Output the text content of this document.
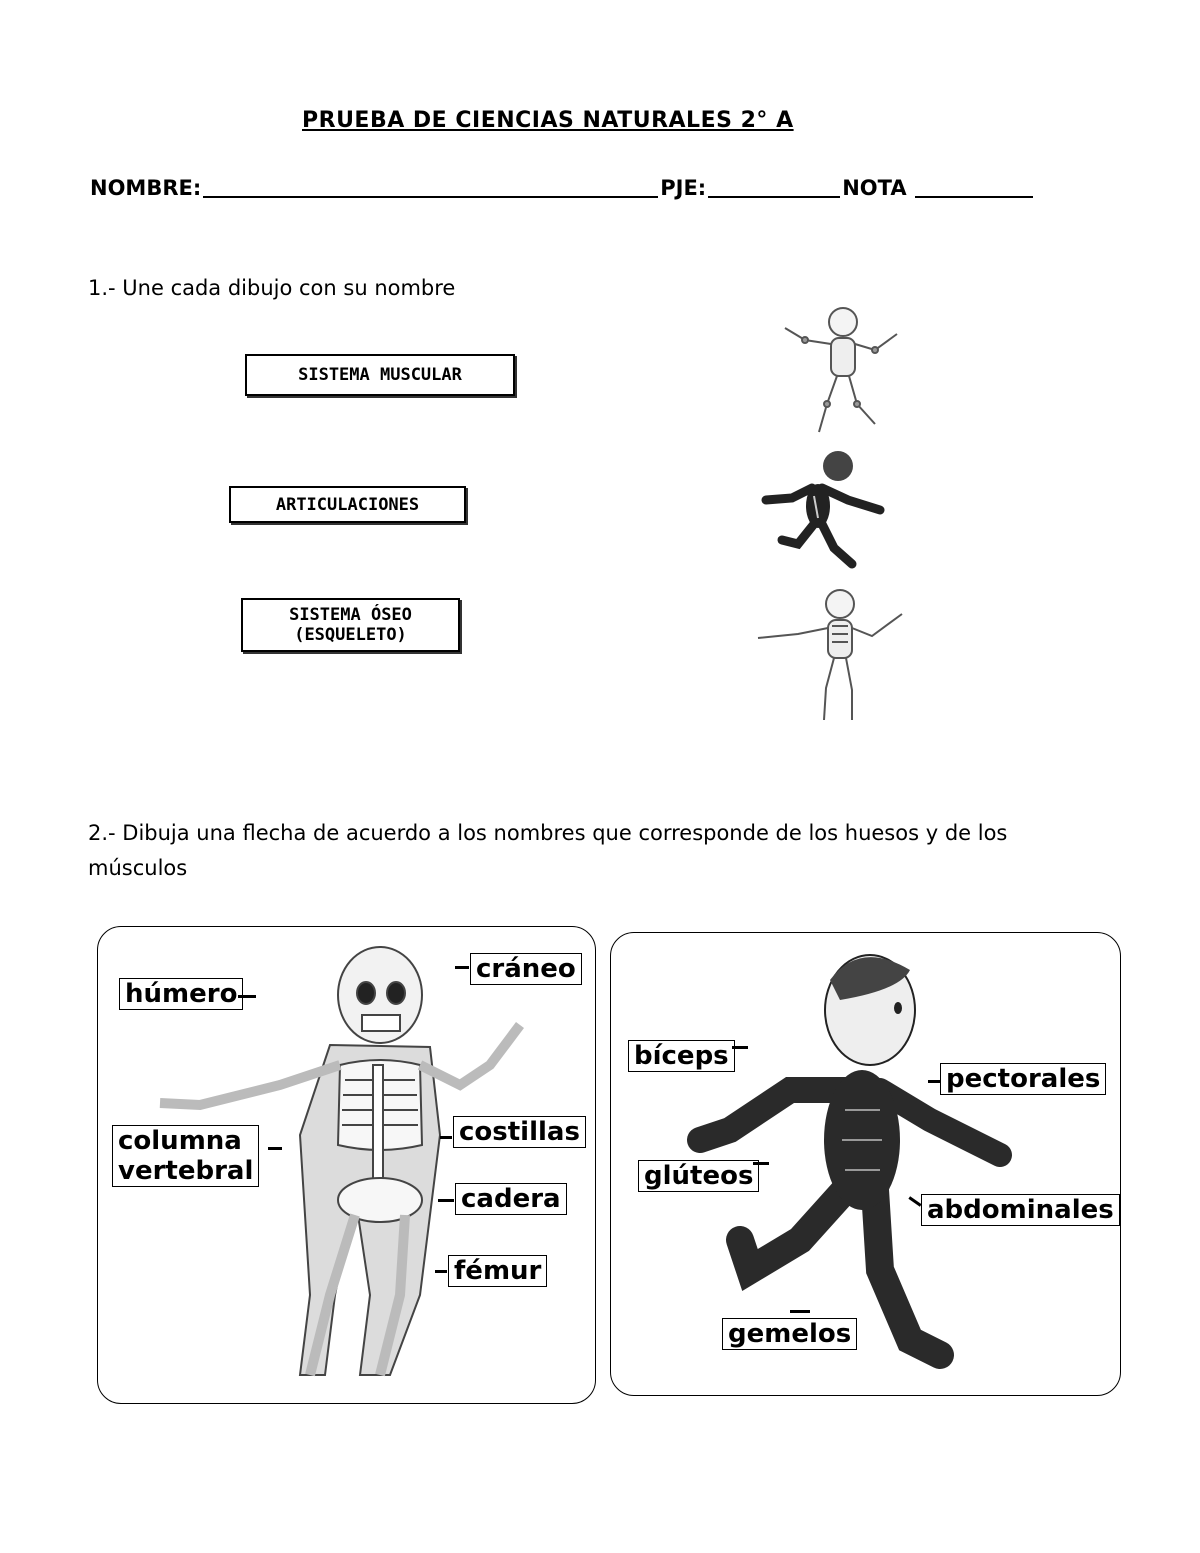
PRUEBA DE CIENCIAS NATURALES 2° A
NOMBRE:	PJE:	NOTA
1.- Une cada dibujo con su nombre
SISTEMA MUSCULAR
ARTICULACIONES
SISTEMA ÓSEO
(ESQUELETO)
2.- Dibuja una flecha de acuerdo a los nombres que corresponde de los huesos y de los músculos
cráneo
húmero
columna
vertebral
costillas
cadera
fémur
bíceps
pectorales
glúteos
abdominales
gemelos
